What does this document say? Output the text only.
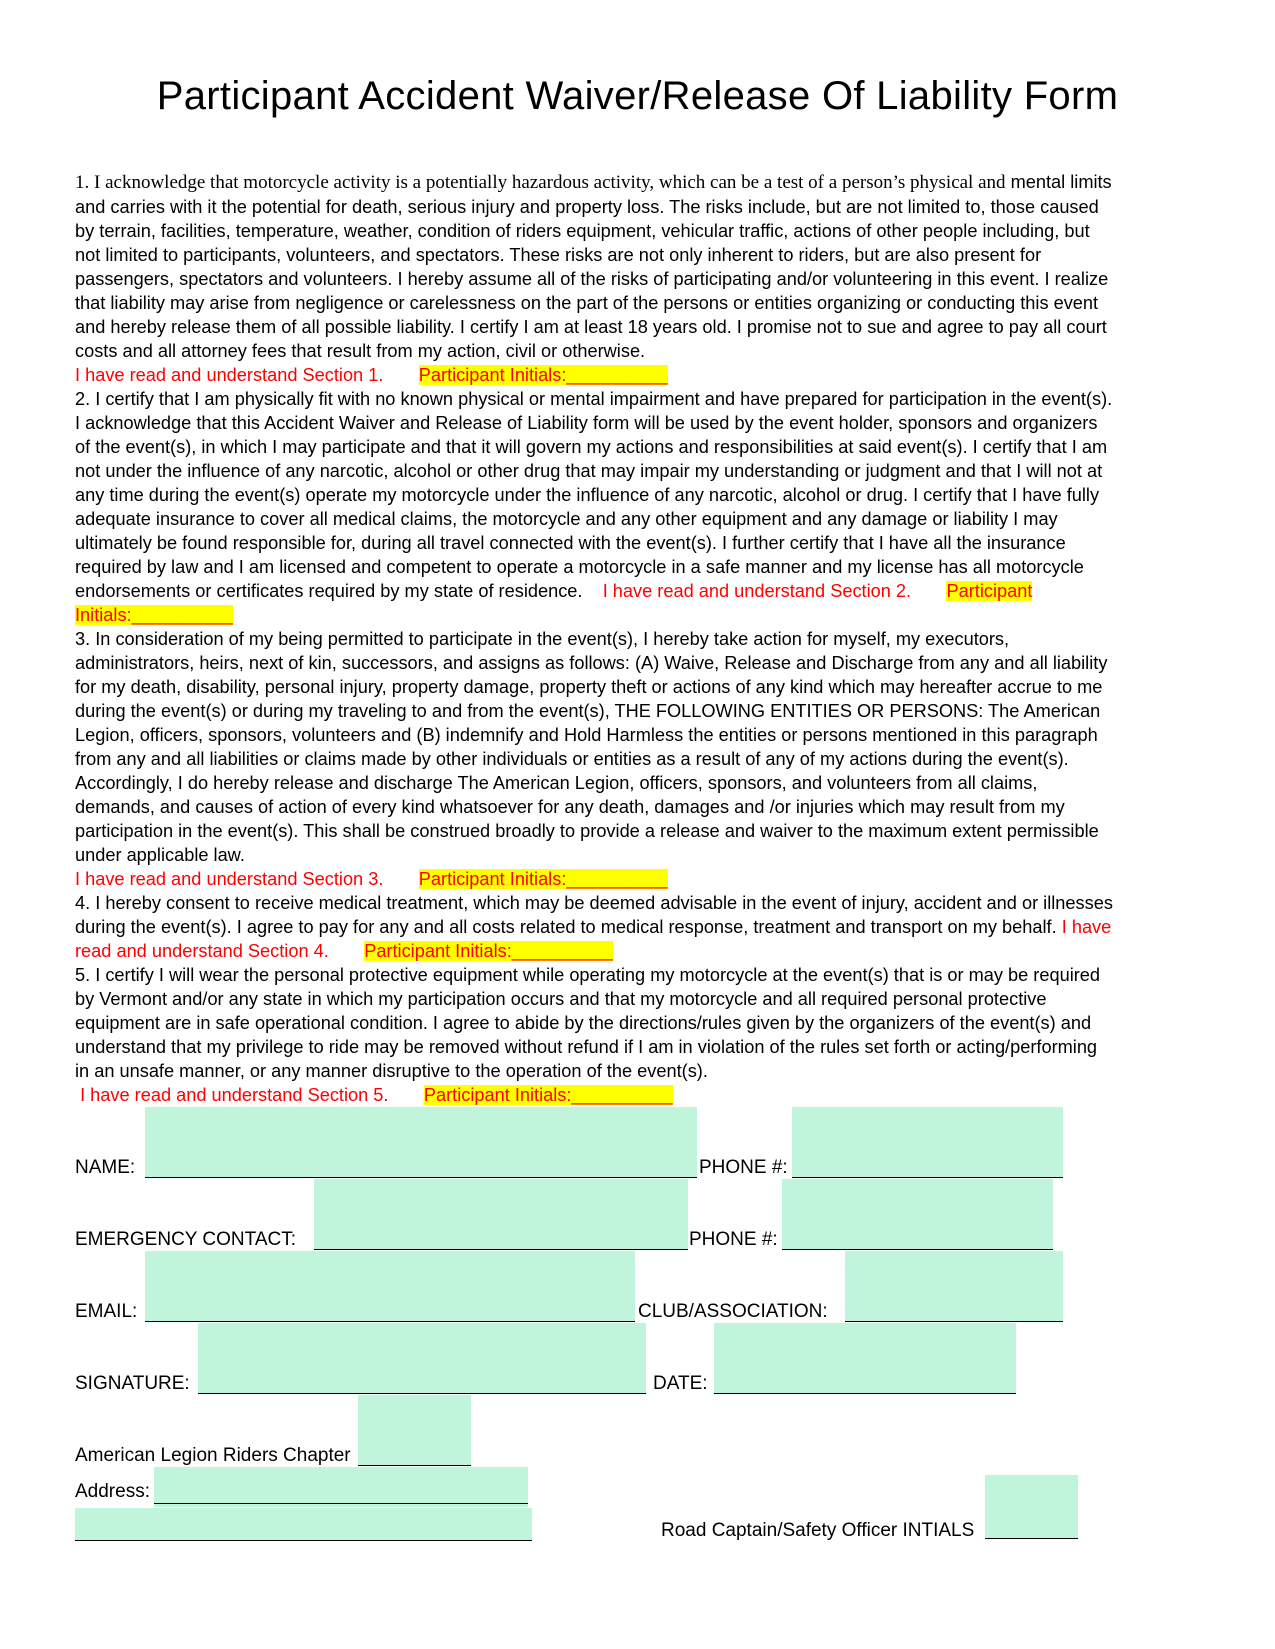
Participant Accident Waiver/Release Of Liability Form

1. I acknowledge that motorcycle activity is a potentially hazardous activity, which can be a test of a person’s physical and mental limits and carries with it the potential for death, serious injury and property loss. The risks include, but are not limited to, those caused by terrain, facilities, temperature, weather, condition of riders equipment, vehicular traffic, actions of other people including, but not limited to participants, volunteers, and spectators. These risks are not only inherent to riders, but are also present for passengers, spectators and volunteers. I hereby assume all of the risks of participating and/or volunteering in this event. I realize that liability may arise from negligence or carelessness on the part of the persons or entities organizing or conducting this event and hereby release them of all possible liability. I certify I am at least 18 years old. I promise not to sue and agree to pay all court costs and all attorney fees that result from my action, civil or otherwise.

I have read and understand Section 1. Participant Initials:__________

2. I certify that I am physically fit with no known physical or mental impairment and have prepared for participation in the event(s). I acknowledge that this Accident Waiver and Release of Liability form will be used by the event holder, sponsors and organizers of the event(s), in which I may participate and that it will govern my actions and responsibilities at said event(s). I certify that I am not under the influence of any narcotic, alcohol or other drug that may impair my understanding or judgment and that I will not at any time during the event(s) operate my motorcycle under the influence of any narcotic, alcohol or drug. I certify that I have fully adequate insurance to cover all medical claims, the motorcycle and any other equipment and any damage or liability I may ultimately be found responsible for, during all travel connected with the event(s). I further certify that I have all the insurance required by law and I am licensed and competent to operate a motorcycle in a safe manner and my license has all motorcycle endorsements or certificates required by my state of residence. I have read and understand Section 2. Participant Initials:__________

3. In consideration of my being permitted to participate in the event(s), I hereby take action for myself, my executors, administrators, heirs, next of kin, successors, and assigns as follows: (A) Waive, Release and Discharge from any and all liability for my death, disability, personal injury, property damage, property theft or actions of any kind which may hereafter accrue to me during the event(s) or during my traveling to and from the event(s), THE FOLLOWING ENTITIES OR PERSONS: The American Legion, officers, sponsors, volunteers and (B) indemnify and Hold Harmless the entities or persons mentioned in this paragraph from any and all liabilities or claims made by other individuals or entities as a result of any of my actions during the event(s). Accordingly, I do hereby release and discharge The American Legion, officers, sponsors, and volunteers from all claims, demands, and causes of action of every kind whatsoever for any death, damages and /or injuries which may result from my participation in the event(s). This shall be construed broadly to provide a release and waiver to the maximum extent permissible under applicable law.

I have read and understand Section 3. Participant Initials:__________

4. I hereby consent to receive medical treatment, which may be deemed advisable in the event of injury, accident and or illnesses during the event(s). I agree to pay for any and all costs related to medical response, treatment and transport on my behalf. I have read and understand Section 4. Participant Initials:__________

5. I certify I will wear the personal protective equipment while operating my motorcycle at the event(s) that is or may be required by Vermont and/or any state in which my participation occurs and that my motorcycle and all required personal protective equipment are in safe operational condition. I agree to abide by the directions/rules given by the organizers of the event(s) and understand that my privilege to ride may be removed without refund if I am in violation of the rules set forth or acting/performing in an unsafe manner, or any manner disruptive to the operation of the event(s).

I have read and understand Section 5. Participant Initials:__________

NAME:	PHONE #:
EMERGENCY CONTACT:	PHONE #:
EMAIL:	CLUB/ASSOCIATION:
SIGNATURE:	DATE:
American Legion Riders Chapter
Address:
Road Captain/Safety Officer INTIALS
